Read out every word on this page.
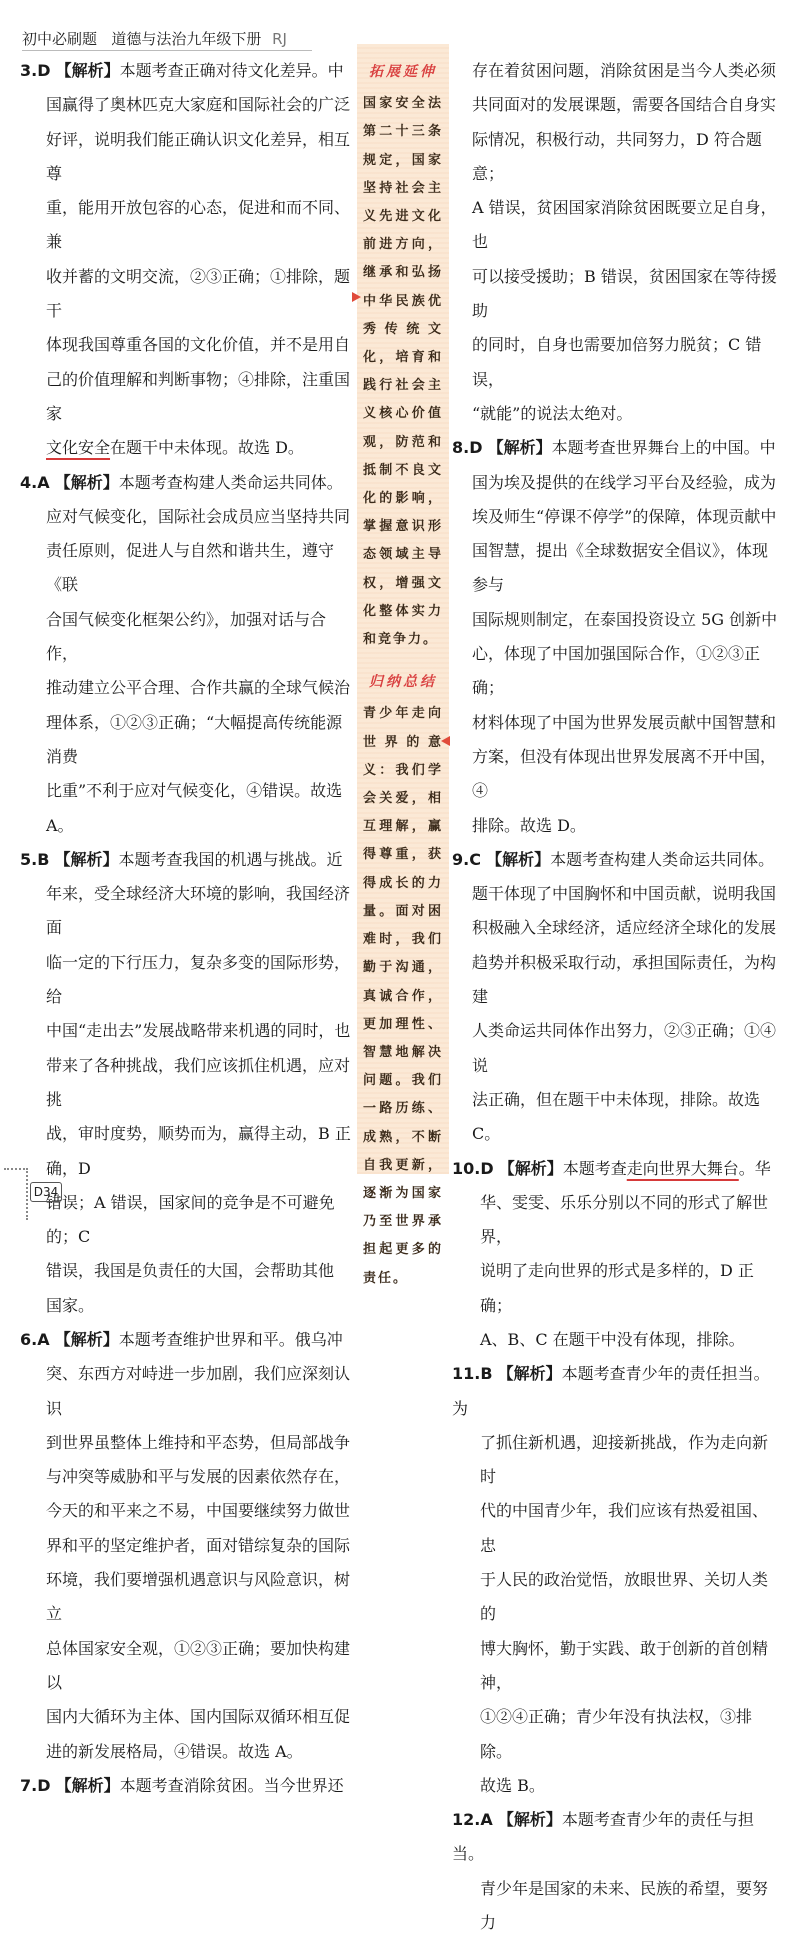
初中必刷题 道德与法治九年级下册 RJ
3.D 【解析】本题考查正确对待文化差异。中
国赢得了奥林匹克大家庭和国际社会的广泛
好评，说明我们能正确认识文化差异，相互尊
重，能用开放包容的心态，促进和而不同、兼
收并蓄的文明交流，②③正确；①排除，题干
体现我国尊重各国的文化价值，并不是用自
己的价值理解和判断事物；④排除，注重国家
文化安全在题干中未体现。故选 D。
4.A 【解析】本题考查构建人类命运共同体。
应对气候变化，国际社会成员应当坚持共同
责任原则，促进人与自然和谐共生，遵守《联
合国气候变化框架公约》，加强对话与合作，
推动建立公平合理、合作共赢的全球气候治
理体系，①②③正确；“大幅提高传统能源消费
比重”不利于应对气候变化，④错误。故选 A。
5.B 【解析】本题考查我国的机遇与挑战。近
年来，受全球经济大环境的影响，我国经济面
临一定的下行压力，复杂多变的国际形势，给
中国“走出去”发展战略带来机遇的同时，也
带来了各种挑战，我们应该抓住机遇，应对挑
战，审时度势，顺势而为，赢得主动，B 正确，D
错误；A 错误，国家间的竞争是不可避免的；C
错误，我国是负责任的大国，会帮助其他
国家。
6.A 【解析】本题考查维护世界和平。俄乌冲
突、东西方对峙进一步加剧，我们应深刻认识
到世界虽整体上维持和平态势，但局部战争
与冲突等威胁和平与发展的因素依然存在，
今天的和平来之不易，中国要继续努力做世
界和平的坚定维护者，面对错综复杂的国际
环境，我们要增强机遇意识与风险意识，树立
总体国家安全观，①②③正确；要加快构建以
国内大循环为主体、国内国际双循环相互促
进的新发展格局，④错误。故选 A。
7.D 【解析】本题考查消除贫困。当今世界还
拓展延伸
国家安全法第二十三条规定，国家坚持社会主义先进文化前进方向，继承和弘扬中华民族优秀传统文化，培育和践行社会主义核心价值观，防范和抵制不良文化的影响，掌握意识形态领域主导权，增强文化整体实力和竞争力。
归纳总结
青少年走向世界的意义：我们学会关爱，相互理解，赢得尊重，获得成长的力量。面对困难时，我们勤于沟通，真诚合作，更加理性、智慧地解决问题。我们一路历练、成熟，不断自我更新，逐渐为国家乃至世界承担起更多的责任。
存在着贫困问题，消除贫困是当今人类必须
共同面对的发展课题，需要各国结合自身实
际情况，积极行动，共同努力，D 符合题意；
A 错误，贫困国家消除贫困既要立足自身，也
可以接受援助；B 错误，贫困国家在等待援助
的同时，自身也需要加倍努力脱贫；C 错误，
“就能”的说法太绝对。
8.D 【解析】本题考查世界舞台上的中国。中
国为埃及提供的在线学习平台及经验，成为
埃及师生“停课不停学”的保障，体现贡献中
国智慧，提出《全球数据安全倡议》，体现参与
国际规则制定，在泰国投资设立 5G 创新中
心，体现了中国加强国际合作，①②③正确；
材料体现了中国为世界发展贡献中国智慧和
方案，但没有体现出世界发展离不开中国，④
排除。故选 D。
9.C 【解析】本题考查构建人类命运共同体。
题干体现了中国胸怀和中国贡献，说明我国
积极融入全球经济，适应经济全球化的发展
趋势并积极采取行动，承担国际责任，为构建
人类命运共同体作出努力，②③正确；①④说
法正确，但在题干中未体现，排除。故选 C。
10.D 【解析】本题考查走向世界大舞台。华
华、雯雯、乐乐分别以不同的形式了解世界，
说明了走向世界的形式是多样的，D 正确；
A、B、C 在题干中没有体现，排除。
11.B 【解析】本题考查青少年的责任担当。为
了抓住新机遇，迎接新挑战，作为走向新时
代的中国青少年，我们应该有热爱祖国、忠
于人民的政治觉悟，放眼世界、关切人类的
博大胸怀，勤于实践、敢于创新的首创精神，
①②④正确；青少年没有执法权，③排除。
故选 B。
12.A 【解析】本题考查青少年的责任与担当。
青少年是国家的未来、民族的希望，要努力
D34
